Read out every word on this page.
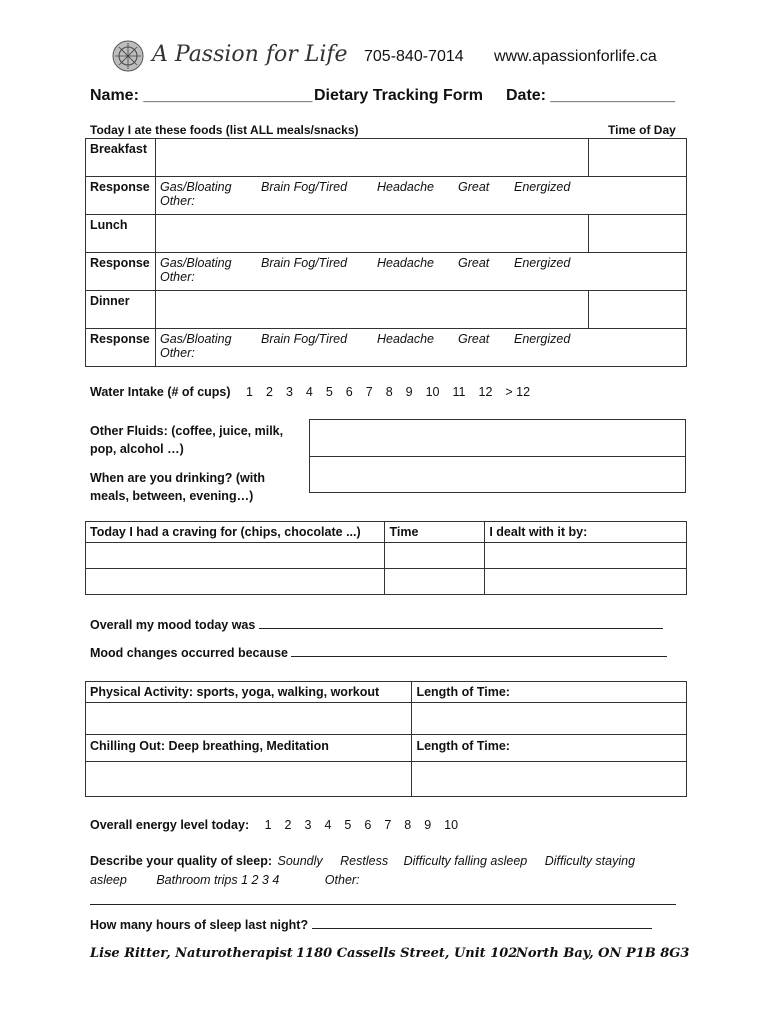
A Passion for Life 705-840-7014 www.apassionforlife.ca
Name: ___________________ Dietary Tracking Form Date: ______________
Today I ate these foods (list ALL meals/snacks)	Time of Day
Breakfast		
Response	Gas/Bloating Brain Fog/Tired Headache Great Energized
Other:	
Lunch		
Response	Gas/Bloating Brain Fog/Tired Headache Great Energized
Other:	
Dinner		
Response	Gas/Bloating Brain Fog/Tired Headache Great Energized
Other:	
Water Intake (# of cups) 1 2 3 4 5 6 7 8 9 10 11 12 > 12
Other Fluids: (coffee, juice, milk, pop, alcohol …)
When are you drinking? (with meals, between, evening…)

Today I had a craving for (chips, chocolate ...)	Time	I dealt with it by:

Overall my mood today was
Mood changes occurred because
Physical Activity: sports, yoga, walking, workout	Length of Time:

Chilling Out: Deep breathing, Meditation	Length of Time:

Overall energy level today: 1 2 3 4 5 6 7 8 9 10
Describe your quality of sleep: Soundly Restless Difficulty falling asleep Difficulty staying
asleep Bathroom trips 1 2 3 4	Other:
How many hours of sleep last night?
Lise Ritter, Naturotherapist 1180 Cassells Street, Unit 102
North Bay, ON P1B 8G3
